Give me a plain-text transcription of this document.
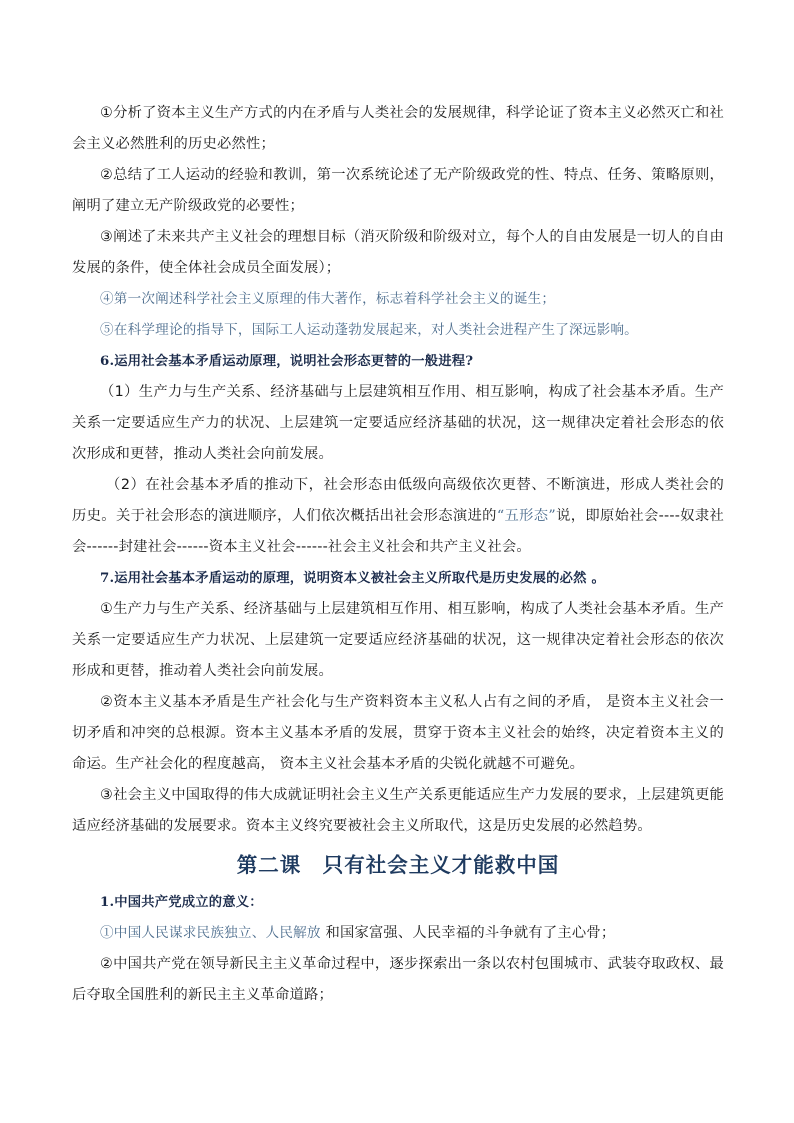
①分析了资本主义生产方式的内在矛盾与人类社会的发展规律，科学论证了资本主义必然灭亡和社会主义必然胜利的历史必然性；

②总结了工人运动的经验和教训，第一次系统论述了无产阶级政党的性、特点、任务、策略原则，阐明了建立无产阶级政党的必要性；

③阐述了未来共产主义社会的理想目标（消灭阶级和阶级对立，每个人的自由发展是一切人的自由发展的条件，使全体社会成员全面发展）；

④第一次阐述科学社会主义原理的伟大著作，标志着科学社会主义的诞生；

⑤在科学理论的指导下，国际工人运动蓬勃发展起来，对人类社会进程产生了深远影响。

6.运用社会基本矛盾运动原理，说明社会形态更替的一般进程?

（1）生产力与生产关系、经济基础与上层建筑相互作用、相互影响，构成了社会基本矛盾。生产关系一定要适应生产力的状况、上层建筑一定要适应经济基础的状况，这一规律决定着社会形态的依次形成和更替，推动人类社会向前发展。

（2）在社会基本矛盾的推动下，社会形态由低级向高级依次更替、不断演进，形成人类社会的历史。关于社会形态的演进顺序，人们依次概括出社会形态演进的“五形态”说，即原始社会----奴隶社会------封建社会------资本主义社会------社会主义社会和共产主义社会。

7.运用社会基本矛盾运动的原理，说明资本义被社会主义所取代是历史发展的必然 。

①生产力与生产关系、经济基础与上层建筑相互作用、相互影响，构成了人类社会基本矛盾。生产关系一定要适应生产力状况、上层建筑一定要适应经济基础的状况，这一规律决定着社会形态的依次形成和更替，推动着人类社会向前发展。

②资本主义基本矛盾是生产社会化与生产资料资本主义私人占有之间的矛盾， 是资本主义社会一切矛盾和冲突的总根源。资本主义基本矛盾的发展，贯穿于资本主义社会的始终，决定着资本主义的命运。生产社会化的程度越高， 资本主义社会基本矛盾的尖锐化就越不可避免。

③社会主义中国取得的伟大成就证明社会主义生产关系更能适应生产力发展的要求，上层建筑更能适应经济基础的发展要求。资本主义终究要被社会主义所取代，这是历史发展的必然趋势。

第二课　只有社会主义才能救中国

1.中国共产党成立的意义：

①中国人民谋求民族独立、人民解放 和国家富强、人民幸福的斗争就有了主心骨；

②中国共产党在领导新民主主义革命过程中，逐步探索出一条以农村包围城市、武装夺取政权、最后夺取全国胜利的新民主主义革命道路；
